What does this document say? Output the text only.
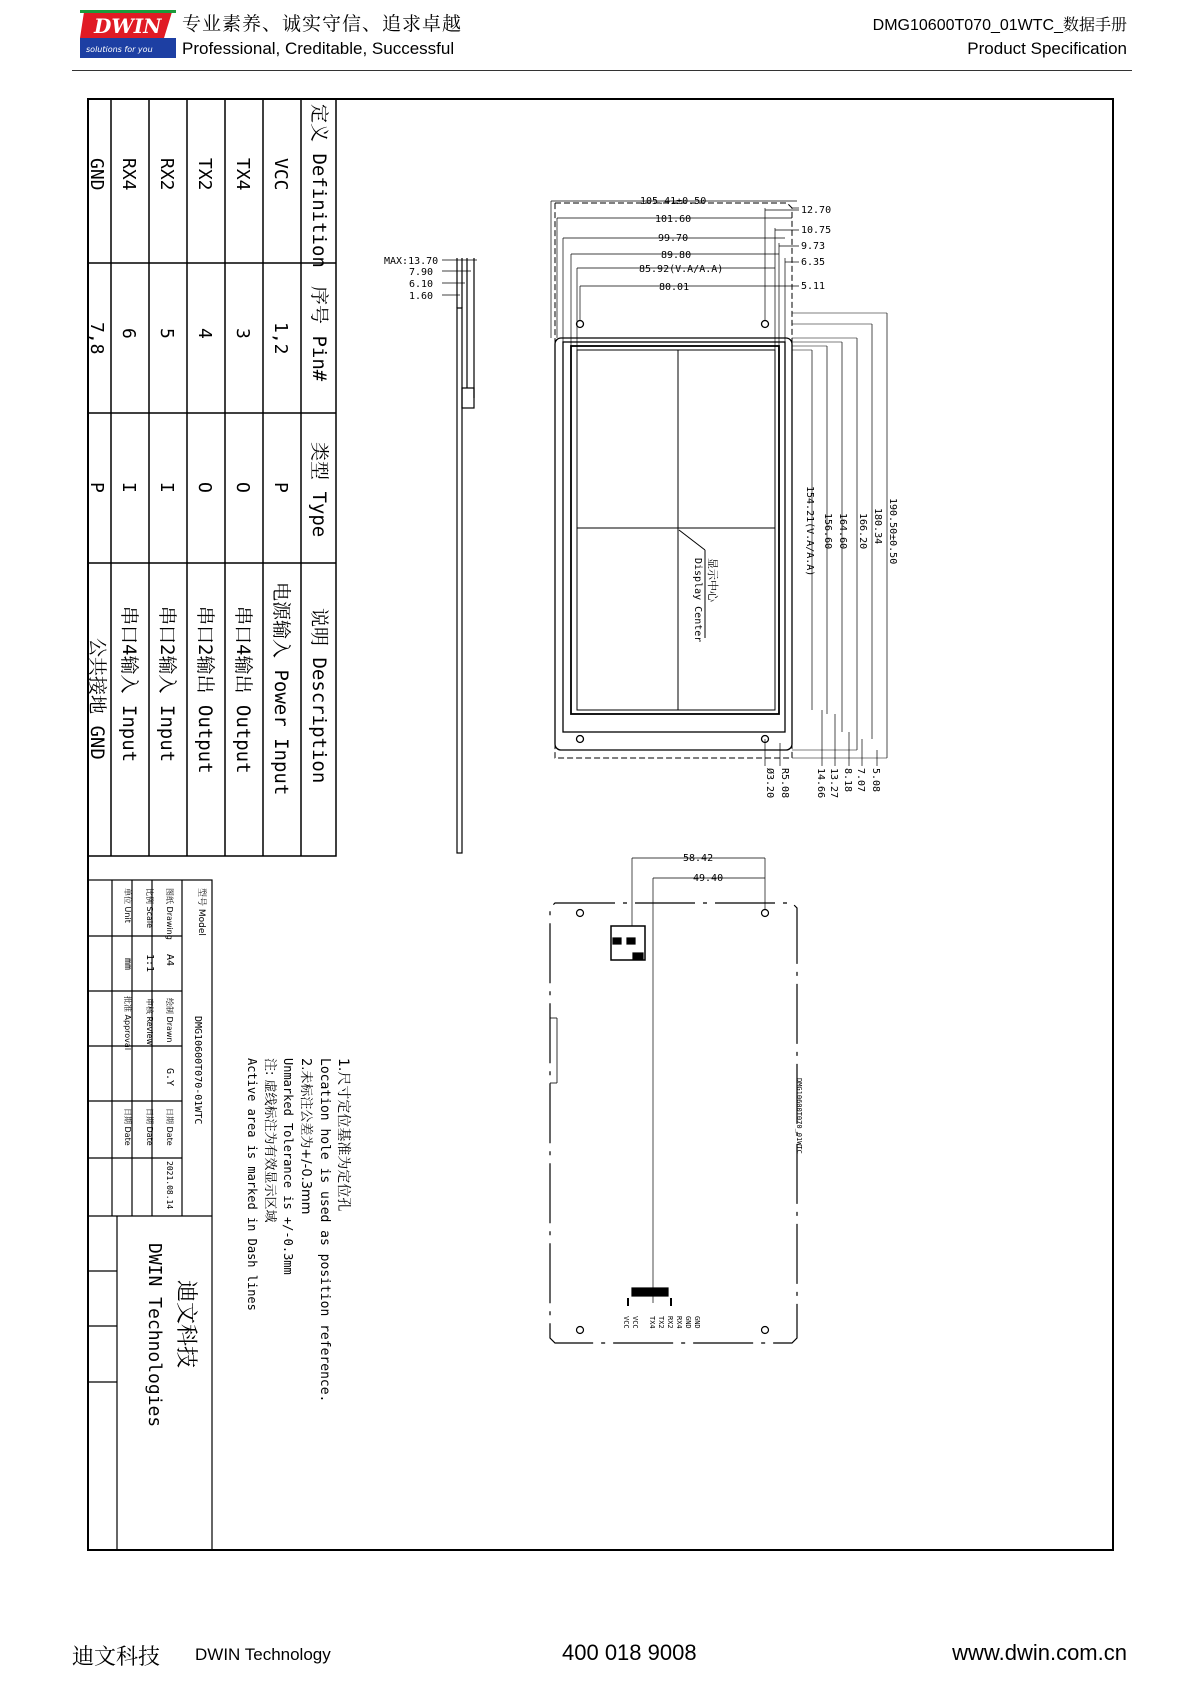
DWIN
solutions for you
专业素养、诚实守信、追求卓越
Professional, Creditable, Successful
DMG10600T070_01WTC_数据手册
Product Specification
定义 Definition
序号 Pin#
类型 Type
说明 Description
VCC
1,2
P
电源输入 Power Input
TX4
3
O
串口4输出 Output
TX2
4
O
串口2输出 Output
RX2
5
I
串口2输入 Input
RX4
6
I
串口4输入 Input
GND
7,8
P
公共接地 GND
MAX:13.70
7.90
6.10
1.60
105.41±0.50
101.60
99.70
89.80
85.92(V.A/A.A)
80.01
12.70
10.75
9.73
6.35
5.11
190.50±0.50
180.34
166.20
164.60
156.60
154.21(V.A/A.A)
5.08
7.07
8.18
13.27
14.66
R5.08
Ø3.20
显示中心
Display Center
58.42
49.40
DMG10600T070_01WTC
GND
GND
RX4
RX2
TX2
TX4
VCC
VCC
1.尺寸定位基准为定位孔
Location hole is used as position reference.
2.未标注公差为+/-0.3mm
Unmarked Tolerance is +/-0.3mm
注: 虚线标注为有效显示区域
Active area is marked in Dash lines
型号 Model
DMG10600T070-01WTC
图纸 Drawing
A4
比例 Scale
1:1
单位 Unit
mm
绘制 Drawn
G.Y
审核 Review
批准 Approval
日期 Date
日期 Date
日期 Date
2021.08.14
迪文科技
DWIN Technologies
迪文科技 DWIN Technology	400 018 9008	www.dwin.com.cn
